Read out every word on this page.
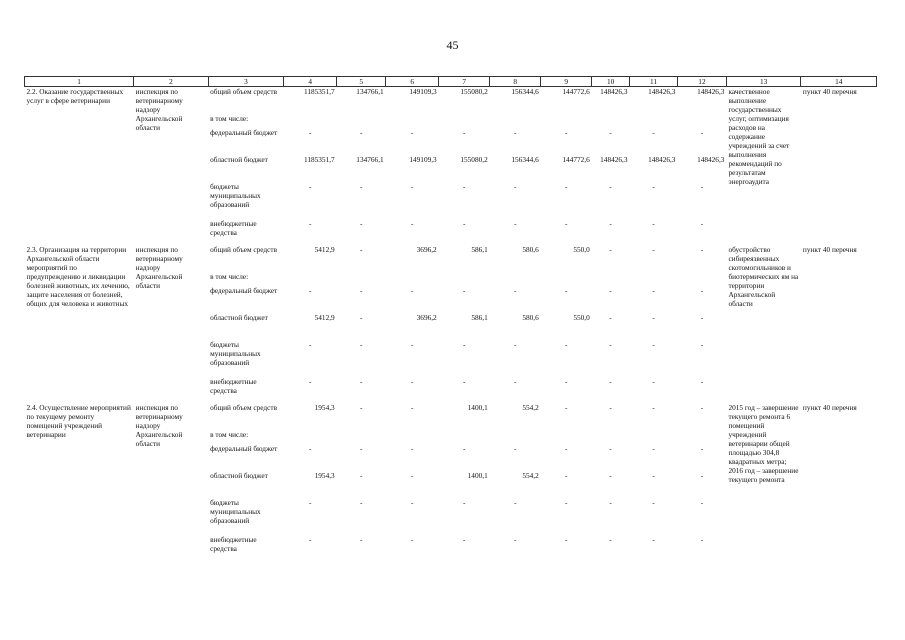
45
1	2	3	4	5	6	7	8	9	10	11	12	13	14
2.2. Оказание государственных услуг в сфере ветеринарии	инспекция по ветеринарному надзору Архангельской области	общий объем средств	1185351,7	134766,1	149109,3	155080,2	156344,6	144772,6	148426,3	148426,3	148426,3	качественное выполнение государственных услуг, оптимизация расходов на содержание учреждений за счет выполнения рекомендаций по результатам энергоаудита	пункт 40 перечня
		в том числе:											
		федеральный бюджет	-	-	-	-	-	-	-	-	-		
		областной бюджет	1185351,7	134766,1	149109,3	155080,2	156344,6	144772,6	148426,3	148426,3	148426,3		
		бюджеты муниципальных образований	-	-	-	-	-	-	-	-	-		
		внебюджетные средства	-	-	-	-	-	-	-	-	-		

2.3. Организация на территории Архангельской области мероприятий по предупреждению и ликвидации болезней животных, их лечению, защите населения от болезней, общих для человека и животных	инспекция по ветеринарному надзору Архангельской области	общий объем средств	5412,9	-	3696,2	586,1	580,6	550,0	-	-	-	обустройство сибиреязвенных скотомогильников и биотермических ям на территории Архангельской области	пункт 40 перечня
		в том числе:											
		федеральный бюджет	-	-	-	-	-	-	-	-	-		
		областной бюджет	5412,9	-	3696,2	586,1	580,6	550,0	-	-	-		
		бюджеты муниципальных образований	-	-	-	-	-	-	-	-	-		
		внебюджетные средства	-	-	-	-	-	-	-	-	-		

2.4. Осуществление мероприятий по текущему ремонту помещений учреждений ветеринарии	инспекция по ветеринарному надзору Архангельской области	общий объем средств	1954,3	-	-	1400,1	554,2	-	-	-	-	2015 год – завершение текущего ремонта 6 помещений учреждений ветеринарии общей площадью 304,8 квадратных метра; 2016 год – завершение текущего ремонта	пункт 40 перечня
		в том числе:											
		федеральный бюджет	-	-	-	-	-	-	-	-	-		
		областной бюджет	1954,3	-	-	1400,1	554,2	-	-	-	-		
		бюджеты муниципальных образований	-	-	-	-	-	-	-	-	-		
		внебюджетные средства	-	-	-	-	-	-	-	-	-		
